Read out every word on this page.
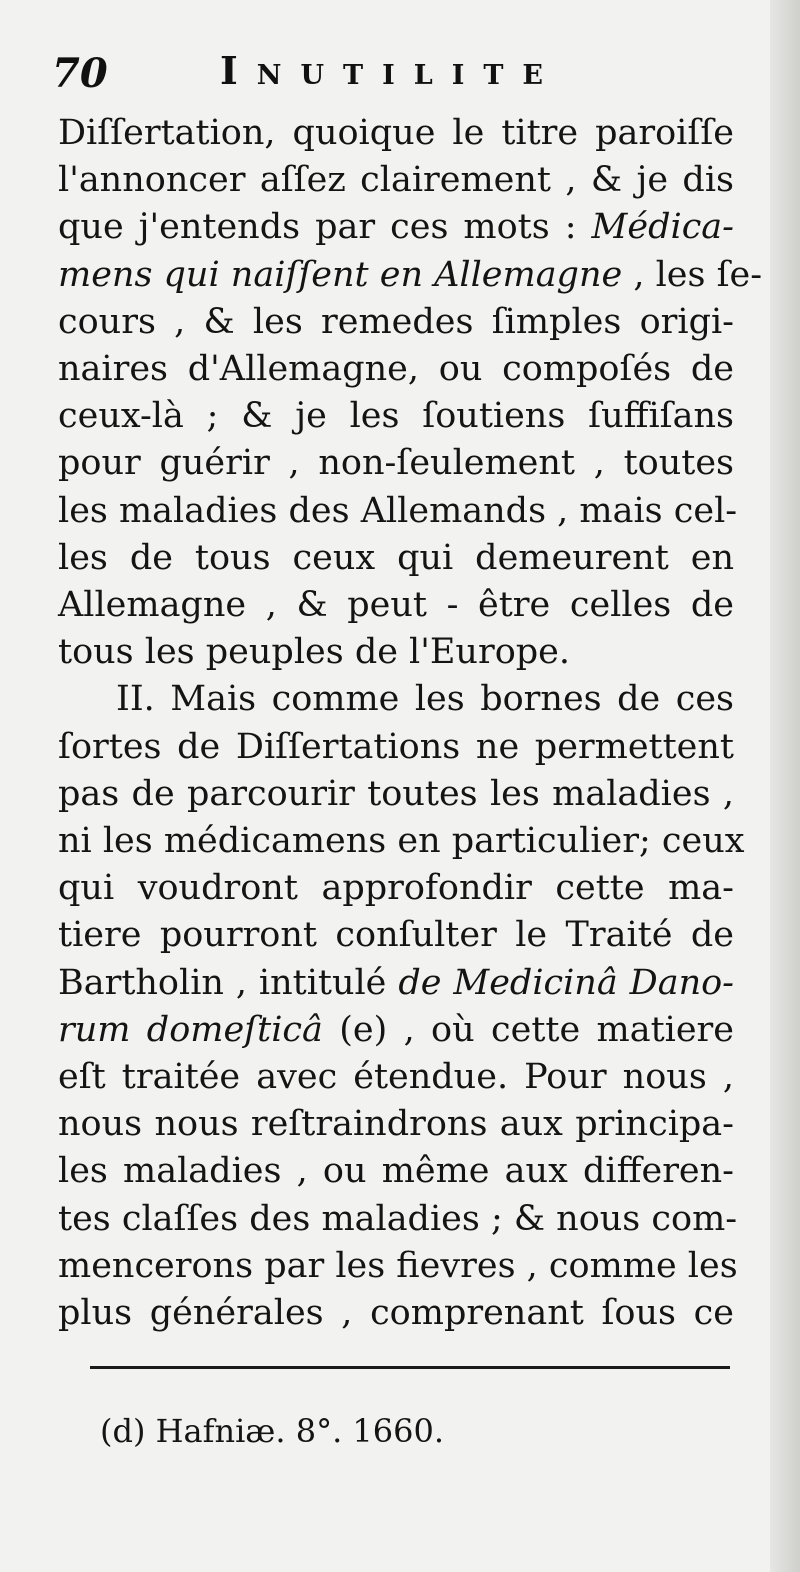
70	Inutilite
Diſſertation, quoique le titre paroiſſe
l'annoncer aſſez clairement , & je dis
que j'entends par ces mots : Médica-
mens qui naiſſent en Allemagne , les ſe-
cours , & les remedes ſimples origi-
naires d'Allemagne, ou compoſés de
ceux-là ; & je les ſoutiens ſuffiſans
pour guérir , non-ſeulement , toutes
les maladies des Allemands , mais cel-
les de tous ceux qui demeurent en
Allemagne , & peut - être celles de
tous les peuples de l'Europe.
II. Mais comme les bornes de ces
ſortes de Diſſertations ne permettent
pas de parcourir toutes les maladies ,
ni les médicamens en particulier; ceux
qui voudront approfondir cette ma-
tiere pourront conſulter le Traité de
Bartholin , intitulé de Medicinâ Dano-
rum domeſticâ (e) , où cette matiere
eſt traitée avec étendue. Pour nous ,
nous nous reſtraindrons aux principa-
les maladies , ou même aux differen-
tes claſſes des maladies ; & nous com-
mencerons par les fievres , comme les
plus générales , comprenant ſous ce
(d) Hafniæ. 8°. 1660.
